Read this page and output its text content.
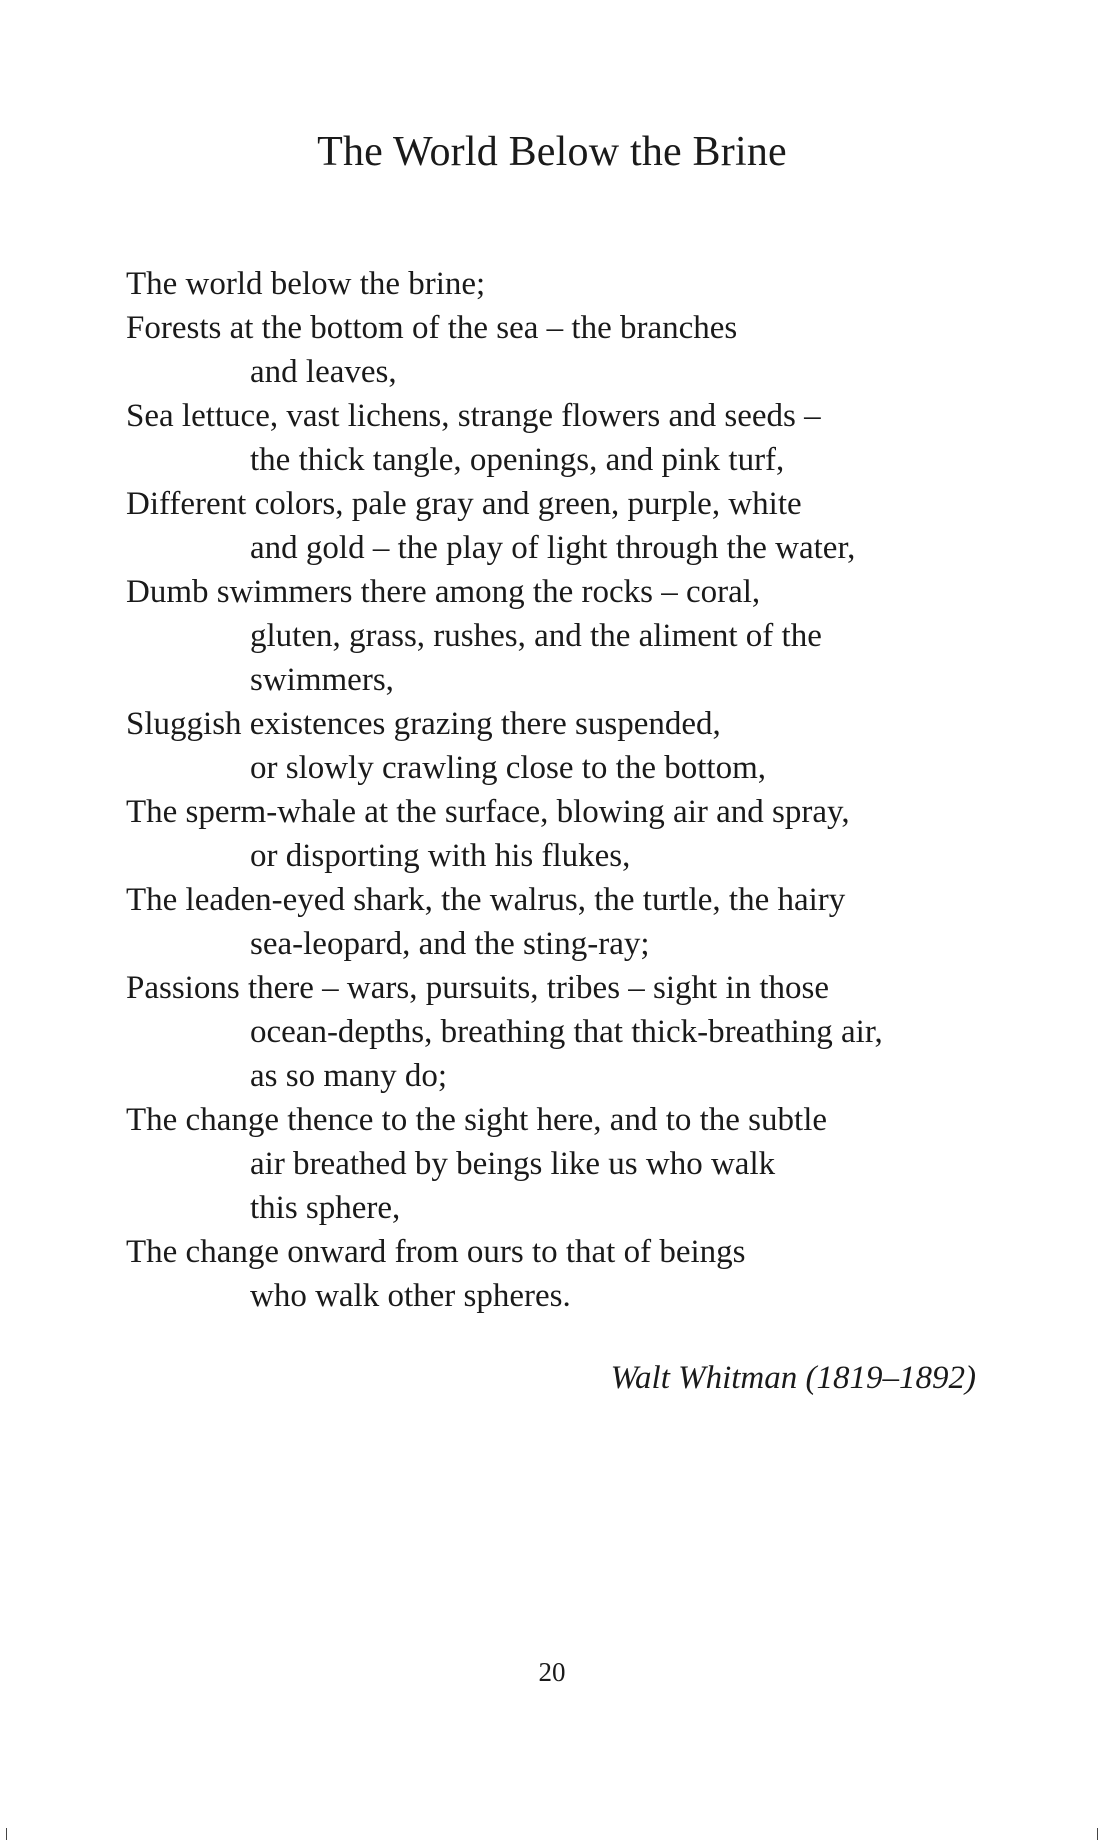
The World Below the Brine
The world below the brine;
Forests at the bottom of the sea – the branches
and leaves,
Sea lettuce, vast lichens, strange flowers and seeds –
the thick tangle, openings, and pink turf,
Different colors, pale gray and green, purple, white
and gold – the play of light through the water,
Dumb swimmers there among the rocks – coral,
gluten, grass, rushes, and the aliment of the
swimmers,
Sluggish existences grazing there suspended,
or slowly crawling close to the bottom,
The sperm-whale at the surface, blowing air and spray,
or disporting with his flukes,
The leaden-eyed shark, the walrus, the turtle, the hairy
sea-leopard, and the sting-ray;
Passions there – wars, pursuits, tribes – sight in those
ocean-depths, breathing that thick-breathing air,
as so many do;
The change thence to the sight here, and to the subtle
air breathed by beings like us who walk
this sphere,
The change onward from ours to that of beings
who walk other spheres.
Walt Whitman (1819–1892)
20
